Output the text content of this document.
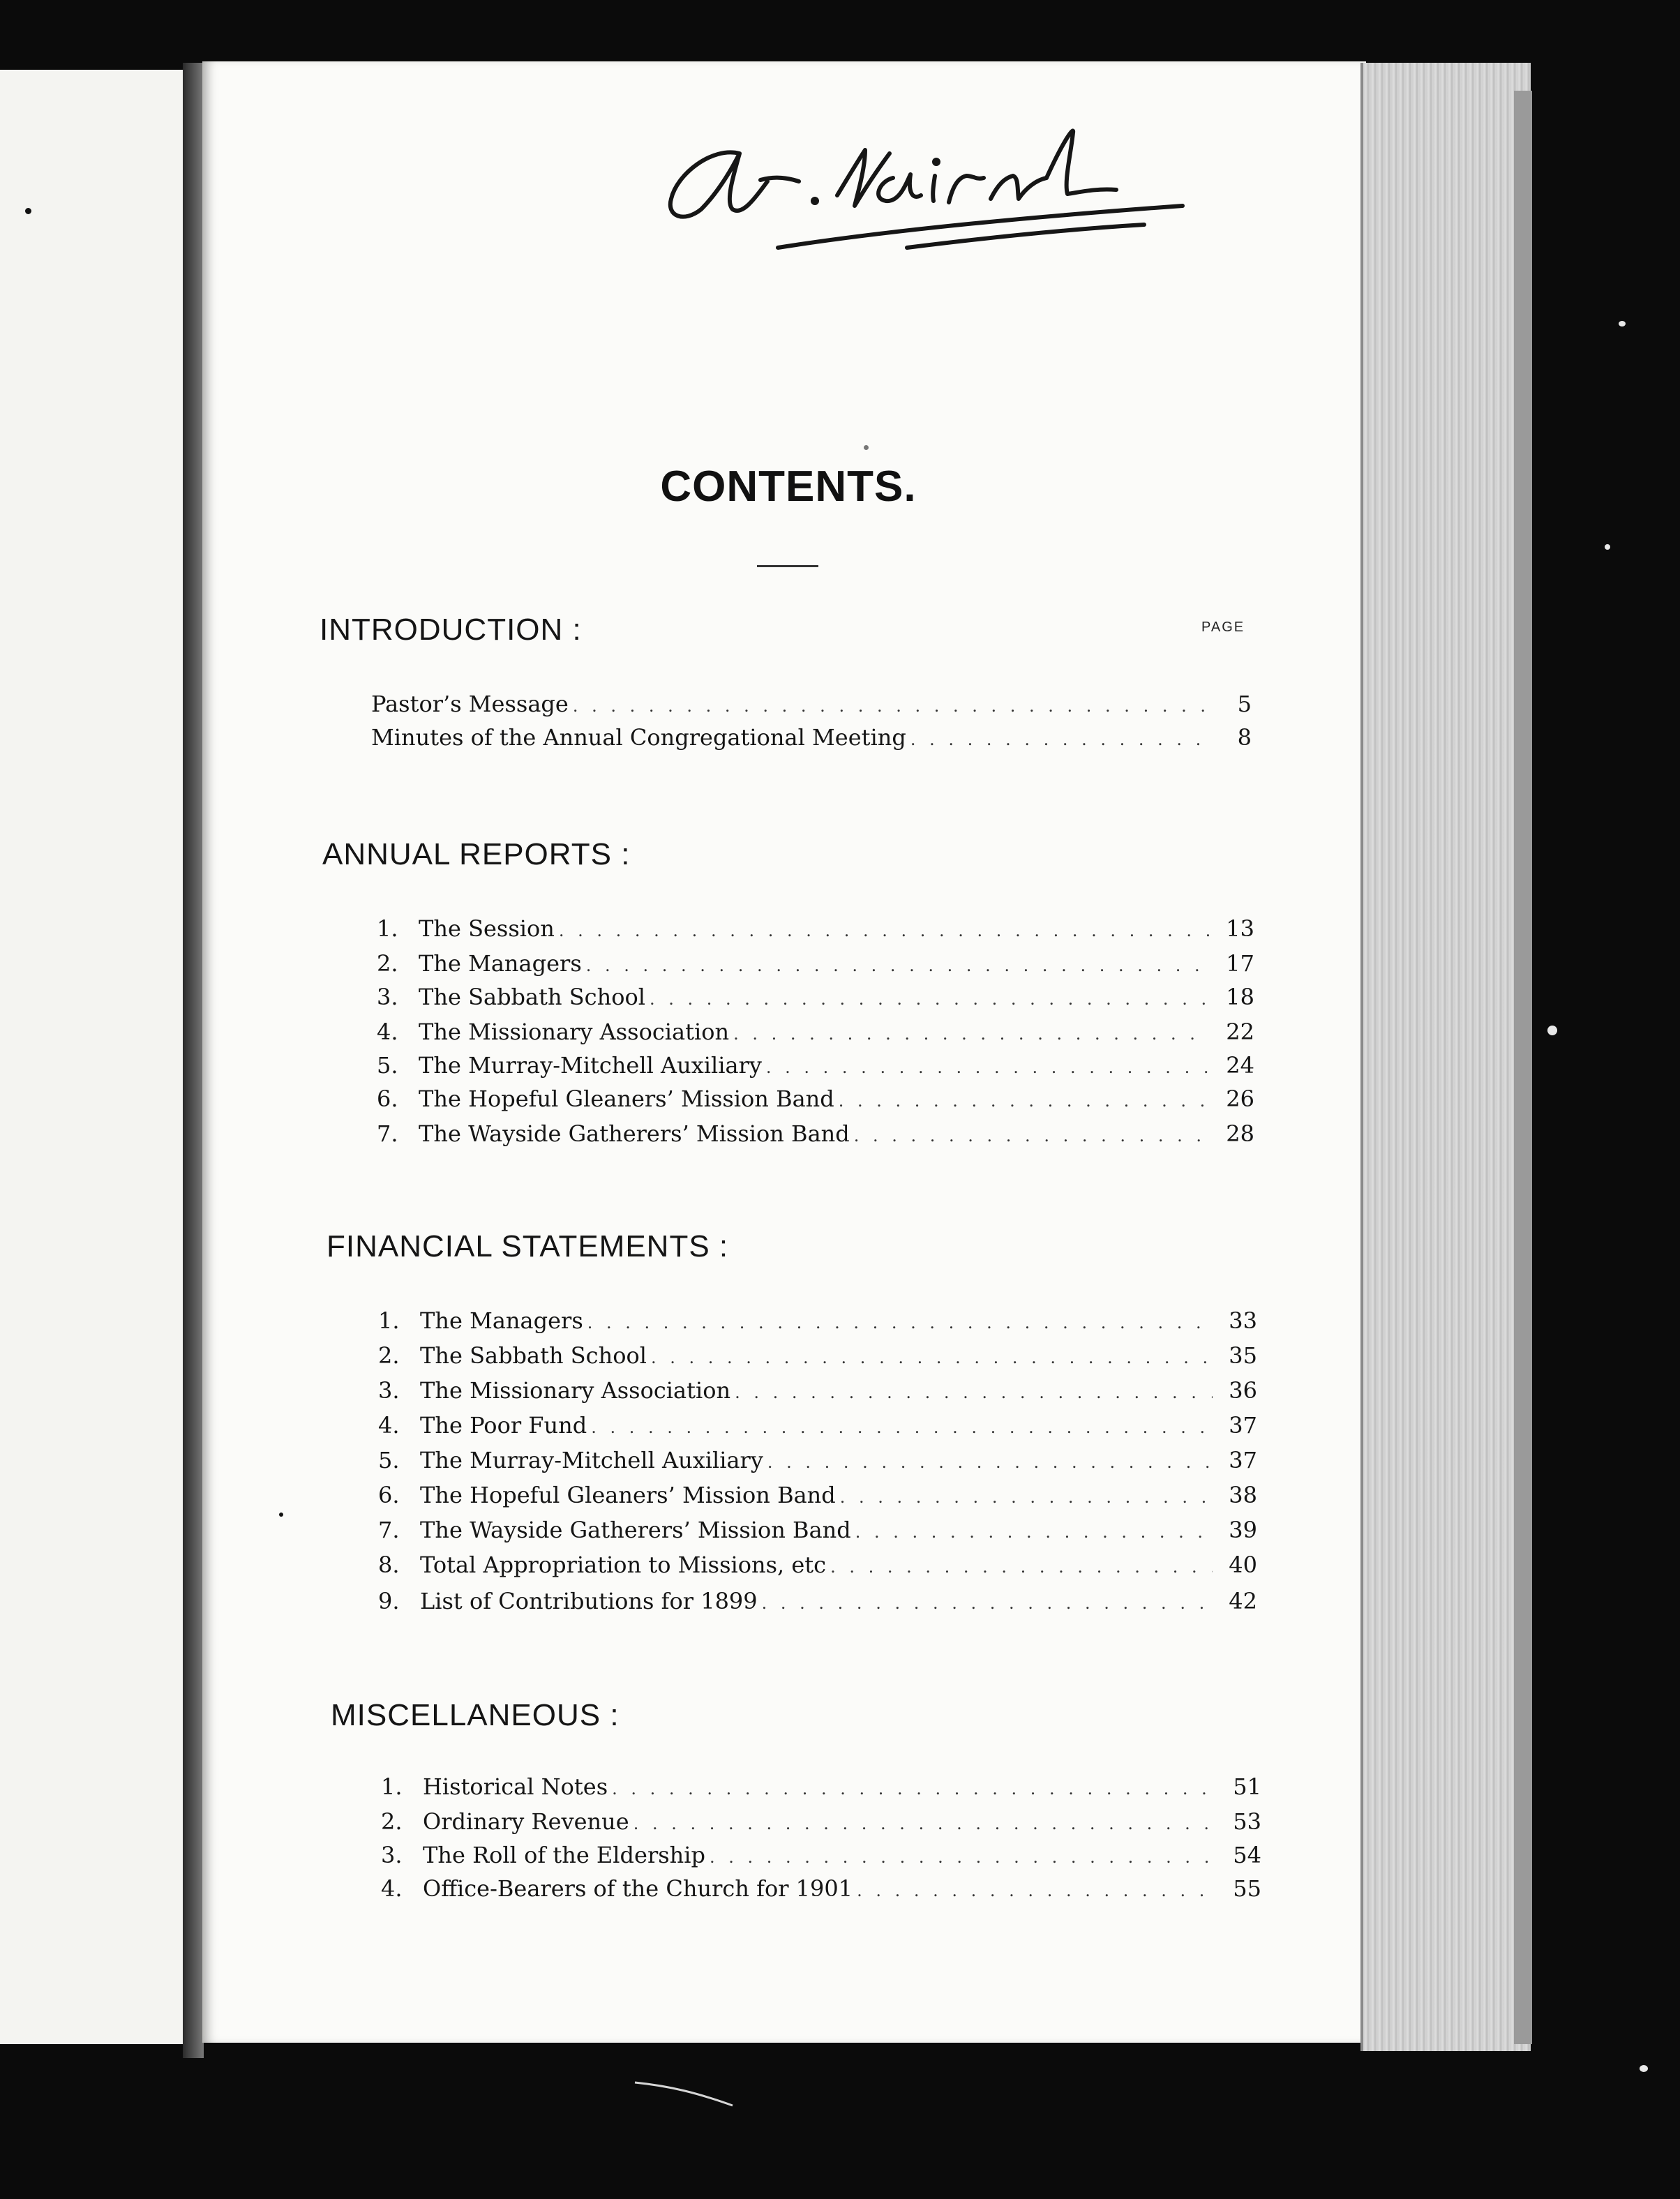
CONTENTS.
PAGE
INTRODUCTION :
Pastor’s Message . . .	5
Minutes of the Annual Congregational Meeting . . .	8
ANNUAL REPORTS :
1. The Session . . .	13
2. The Managers . . .	17
3. The Sabbath School . . .	18
4. The Missionary Association . . .	22
5. The Murray-Mitchell Auxiliary . . .	24
6. The Hopeful Gleaners’ Mission Band . . .	26
7. The Wayside Gatherers’ Mission Band . . .	28
FINANCIAL STATEMENTS :
1. The Managers . . .	33
2. The Sabbath School . . .	35
3. The Missionary Association . . .	36
4. The Poor Fund . . .	37
5. The Murray-Mitchell Auxiliary . . .	37
6. The Hopeful Gleaners’ Mission Band . . .	38
7. The Wayside Gatherers’ Mission Band . . .	39
8. Total Appropriation to Missions, etc . . .	40
9. List of Contributions for 1899 . . .	42
MISCELLANEOUS :
1. Historical Notes . . .	51
2. Ordinary Revenue . . .	53
3. The Roll of the Eldership . . .	54
4. Office-Bearers of the Church for 1901 . . .	55
